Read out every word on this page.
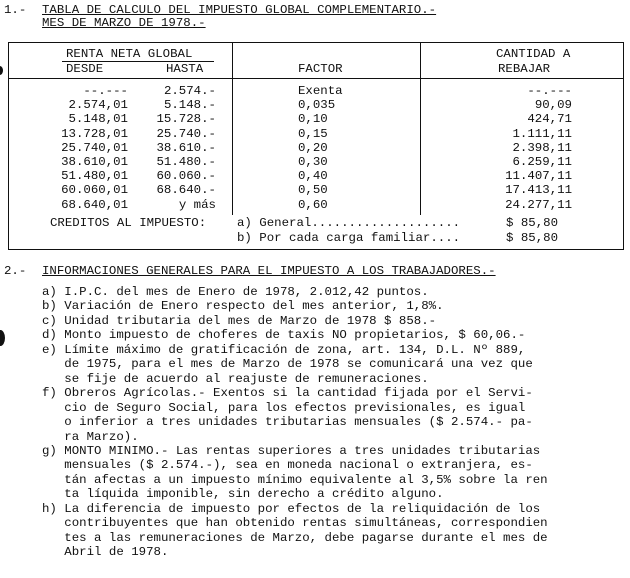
1.- TABLA DE CALCULO DEL IMPUESTO GLOBAL COMPLEMENTARIO.-
MES DE MARZO DE 1978.-
RENTA NETA GLOBAL
DESDE	HASTA	FACTOR
CANTIDAD A
REBAJAR
--.---	2.574.-	Exenta	--.---
2.574,01	5.148.-	0,035	90,09
5.148,01	15.728.-	0,10	424,71
13.728,01	25.740.-	0,15	1.111,11
25.740,01	38.610.-	0,20	2.398,11
38.610,01	51.480.-	0,30	6.259,11
51.480,01	60.060.-	0,40	11.407,11
60.060,01	68.640.-	0,50	17.413,11
68.640,01	y más	0,60	24.277,11
CREDITOS AL IMPUESTO: a) General....................	$ 85,80
b) Por cada carga familiar....	$ 85,80
2.- INFORMACIONES GENERALES PARA EL IMPUESTO A LOS TRABAJADORES.-
a) I.P.C. del mes de Enero de 1978, 2.012,42 puntos.
b) Variación de Enero respecto del mes anterior, 1,8%.
c) Unidad tributaria del mes de Marzo de 1978 $ 858.-
d) Monto impuesto de choferes de taxis NO propietarios, $ 60,06.-
e) Límite máximo de gratificación de zona, art. 134, D.L. Nº 889,
de 1975, para el mes de Marzo de 1978 se comunicará una vez que
se fije de acuerdo al reajuste de remuneraciones.
f) Obreros Agrícolas.- Exentos si la cantidad fijada por el Servi-
cio de Seguro Social, para los efectos previsionales, es igual
o inferior a tres unidades tributarias mensuales ($ 2.574.- pa-
ra Marzo).
g) MONTO MINIMO.- Las rentas superiores a tres unidades tributarias
mensuales ($ 2.574.-), sea en moneda nacional o extranjera, es-
tán afectas a un impuesto mínimo equivalente al 3,5% sobre la ren
ta líquida imponible, sin derecho a crédito alguno.
h) La diferencia de impuesto por efectos de la reliquidación de los
contribuyentes que han obtenido rentas simultáneas, correspondien
tes a las remuneraciones de Marzo, debe pagarse durante el mes de
Abril de 1978.
